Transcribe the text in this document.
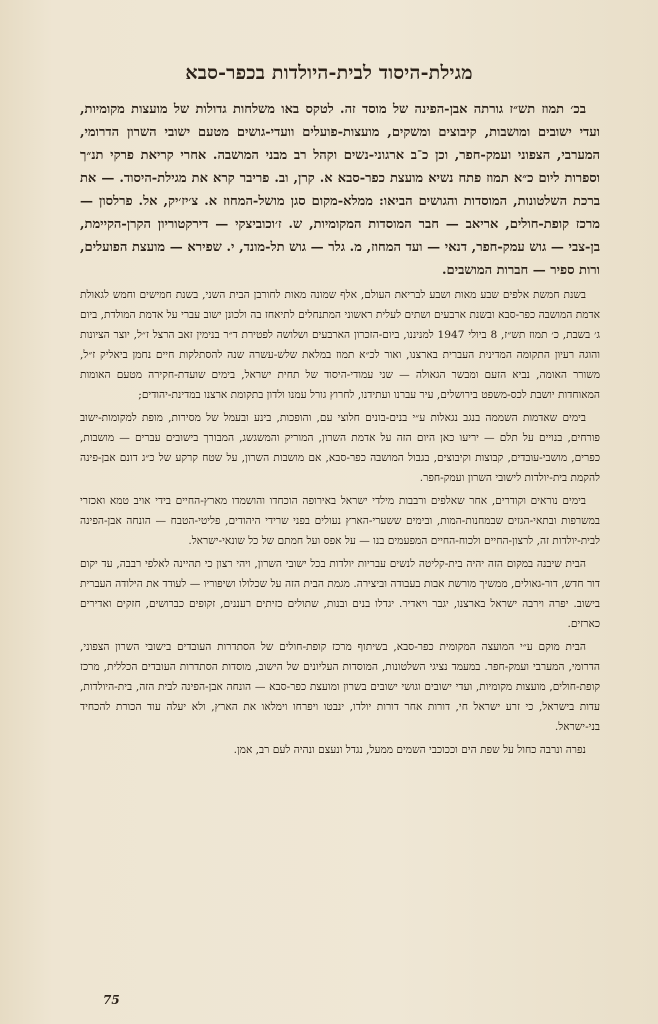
מגילת-היסוד לבית-היולדות בכפר-סבא

בכ׳ תמוז תש״ז גורתה אבן-הפינה של מוסד זה. לטקס באו משלחות גדולות של מועצות מקומיות, ועדי ישובים ומושבות, קיבוצים ומשקים, מועצות-פועלים וועדי-גושים מטעם ישובי השרון הדרומי, המערבי, הצפוני ועמק-חפר, וכן כ־ב ארגוני-נשים וקהל רב מבני המושבה. אחרי קריאת פרקי תנ״ך וספרות ליום כ״א תמוז פתח נשיא מועצת כפר-סבא א. קרן, וב. פריבר קרא את מגילת-היסוד. — את ברכת השלטונות, המוסדות והגושים הביאו: ממלא-מקום סגן מושל-המחוז א. צ׳יז׳יק, אל. פרלסון — מרכז קופת-חולים, אריאב — חבר המוסדות המקומיות, ש. ז׳וכוביצקי — דירקטוריון הקרן-הקיימת, בן-צבי — גוש עמק-חפר, דנאי — ועד המחוז, מ. גלר — גוש תל-מונד, י. שפירא — מועצת הפועלים, ורות ספיר — חברות המושבים.

בשנת חמשת אלפים שבע מאות ושבע לבריאת העולם, אלף שמונה מאות לחורבן הבית השני, בשנת חמישים וחמש לגאולת אדמת המושבה כפר-סבא ובשנת ארבעים ושתים לעלית ראשוני המתנחלים לתיאחז בה ולכונן ישוב עברי על אדמת המולדת, ביום ג׳ בשבת, כ׳ תמוז תש״ז, 8 ביולי 1947 למניננו, ביום-הזכרון הארבעים ושלושה לפטירת ד״ר בנימין זאב הרצל ז״ל, יוצר הציונות והוגה רעיון התקומה המדינית העברית בארצנו, ואור לכ״א תמוז במלאת שלש-עשרה שנה להסתלקות חיים נחמן ביאליק ז״ל, משורר האומה, נביא הזעם ומבשר הגאולה — שני עמודי-היסוד של תחית ישראל, בימים שועדת-חקירה מטעם האומות המאוחדות יושבת לכס-משפט בירושלים, עיר עברנו ועתידנו, לחרוץ גורל עמנו ולדון בתקומת ארצנו במדינת-יהודים;

בימים שאדמות השממה בנגב נגאלות ע״י בנים-בונים חלוצי עם, והופכות, בינע ובעמל של מסירות, מופת למקומות-ישוב פורחים, בנויים על תלם — יריעו כאן היום הזה על אדמת השרון, המוריק והמשגשג, המבורך בישובים עברים — מושבות, כפרים, מושבי-עובדים, קבוצות וקיבוצים, בגבול המושבה כפר-סבא, אם מושבות השרון, על שטח קרקע של כ״ג דונם אבן-פינה להקמת בית-יולדות לישובי השרון ועמק-חפר.

בימים נוראים וקודרים, אחר שאלפים ורבבות מילדי ישראל באירופה הוכחדו והושמדו מארץ-החיים בידי אויב טמא ואכזרי במשרפות ובתאי-הגזים שבמחנות-המות, ובימים ששערי-הארץ נעולים בפני שרידי היהודים, פליטי-הטבח — הונחה אבן-הפינה לבית-יולדות זה, לרצון-החיים ולכוח-החיים המפעמים בנו — על אפס ועל חמתם של כל שונאי-ישראל.

הבית שיבנה במקום הזה יהיה בית-קליטה לנשים עבריות יולדות בכל ישובי השרון, ויהי רצון כי תהיינה לאלפי רבבה, עד יקום דור חדש, דור-גאולים, ממשיך מורשת אבות בעבודה וביצירה. מגמת הבית הזה על שכלולו ושיפוריו — לעודד את הילודה העברית בישוב. יפרה וירבה ישראל בארצנו, יגבר ויאדיר. יגדלו בנים ובנות, שתולים כזיתים רעננים, זקופים כברושים, חזקים ואדירים כארזים.

הבית מוקם ע״י המועצה המקומית כפר-סבא, בשיתוף מרכז קופת-חולים של הסתדרות העובדים בישובי השרון הצפוני, הדרומי, המערבי ועמק-חפר. במעמד נציגי השלטונות, המוסדות העליונים של הישוב, מוסדות הסתדרות העובדים הכללית, מרכז קופת-חולים, מועצות מקומיות, ועדי ישובים וגושי ישובים בשרון ומועצת כפר-סבא — הונחה אבן-הפינה לבית הזה, בית-היולדות, עדות בישראל, כי זרע ישראל חי, דורות אחר דורות יולדו, ינבטו ויפרחו וימלאו את הארץ, ולא יעלה עוד הכורת להכחיד בני-ישראל.

נפרה ונרבה כחול על שפת הים וככוכבי השמים ממעל, נגדל ונעצם ונהיה לעם רב, אמן.

75
